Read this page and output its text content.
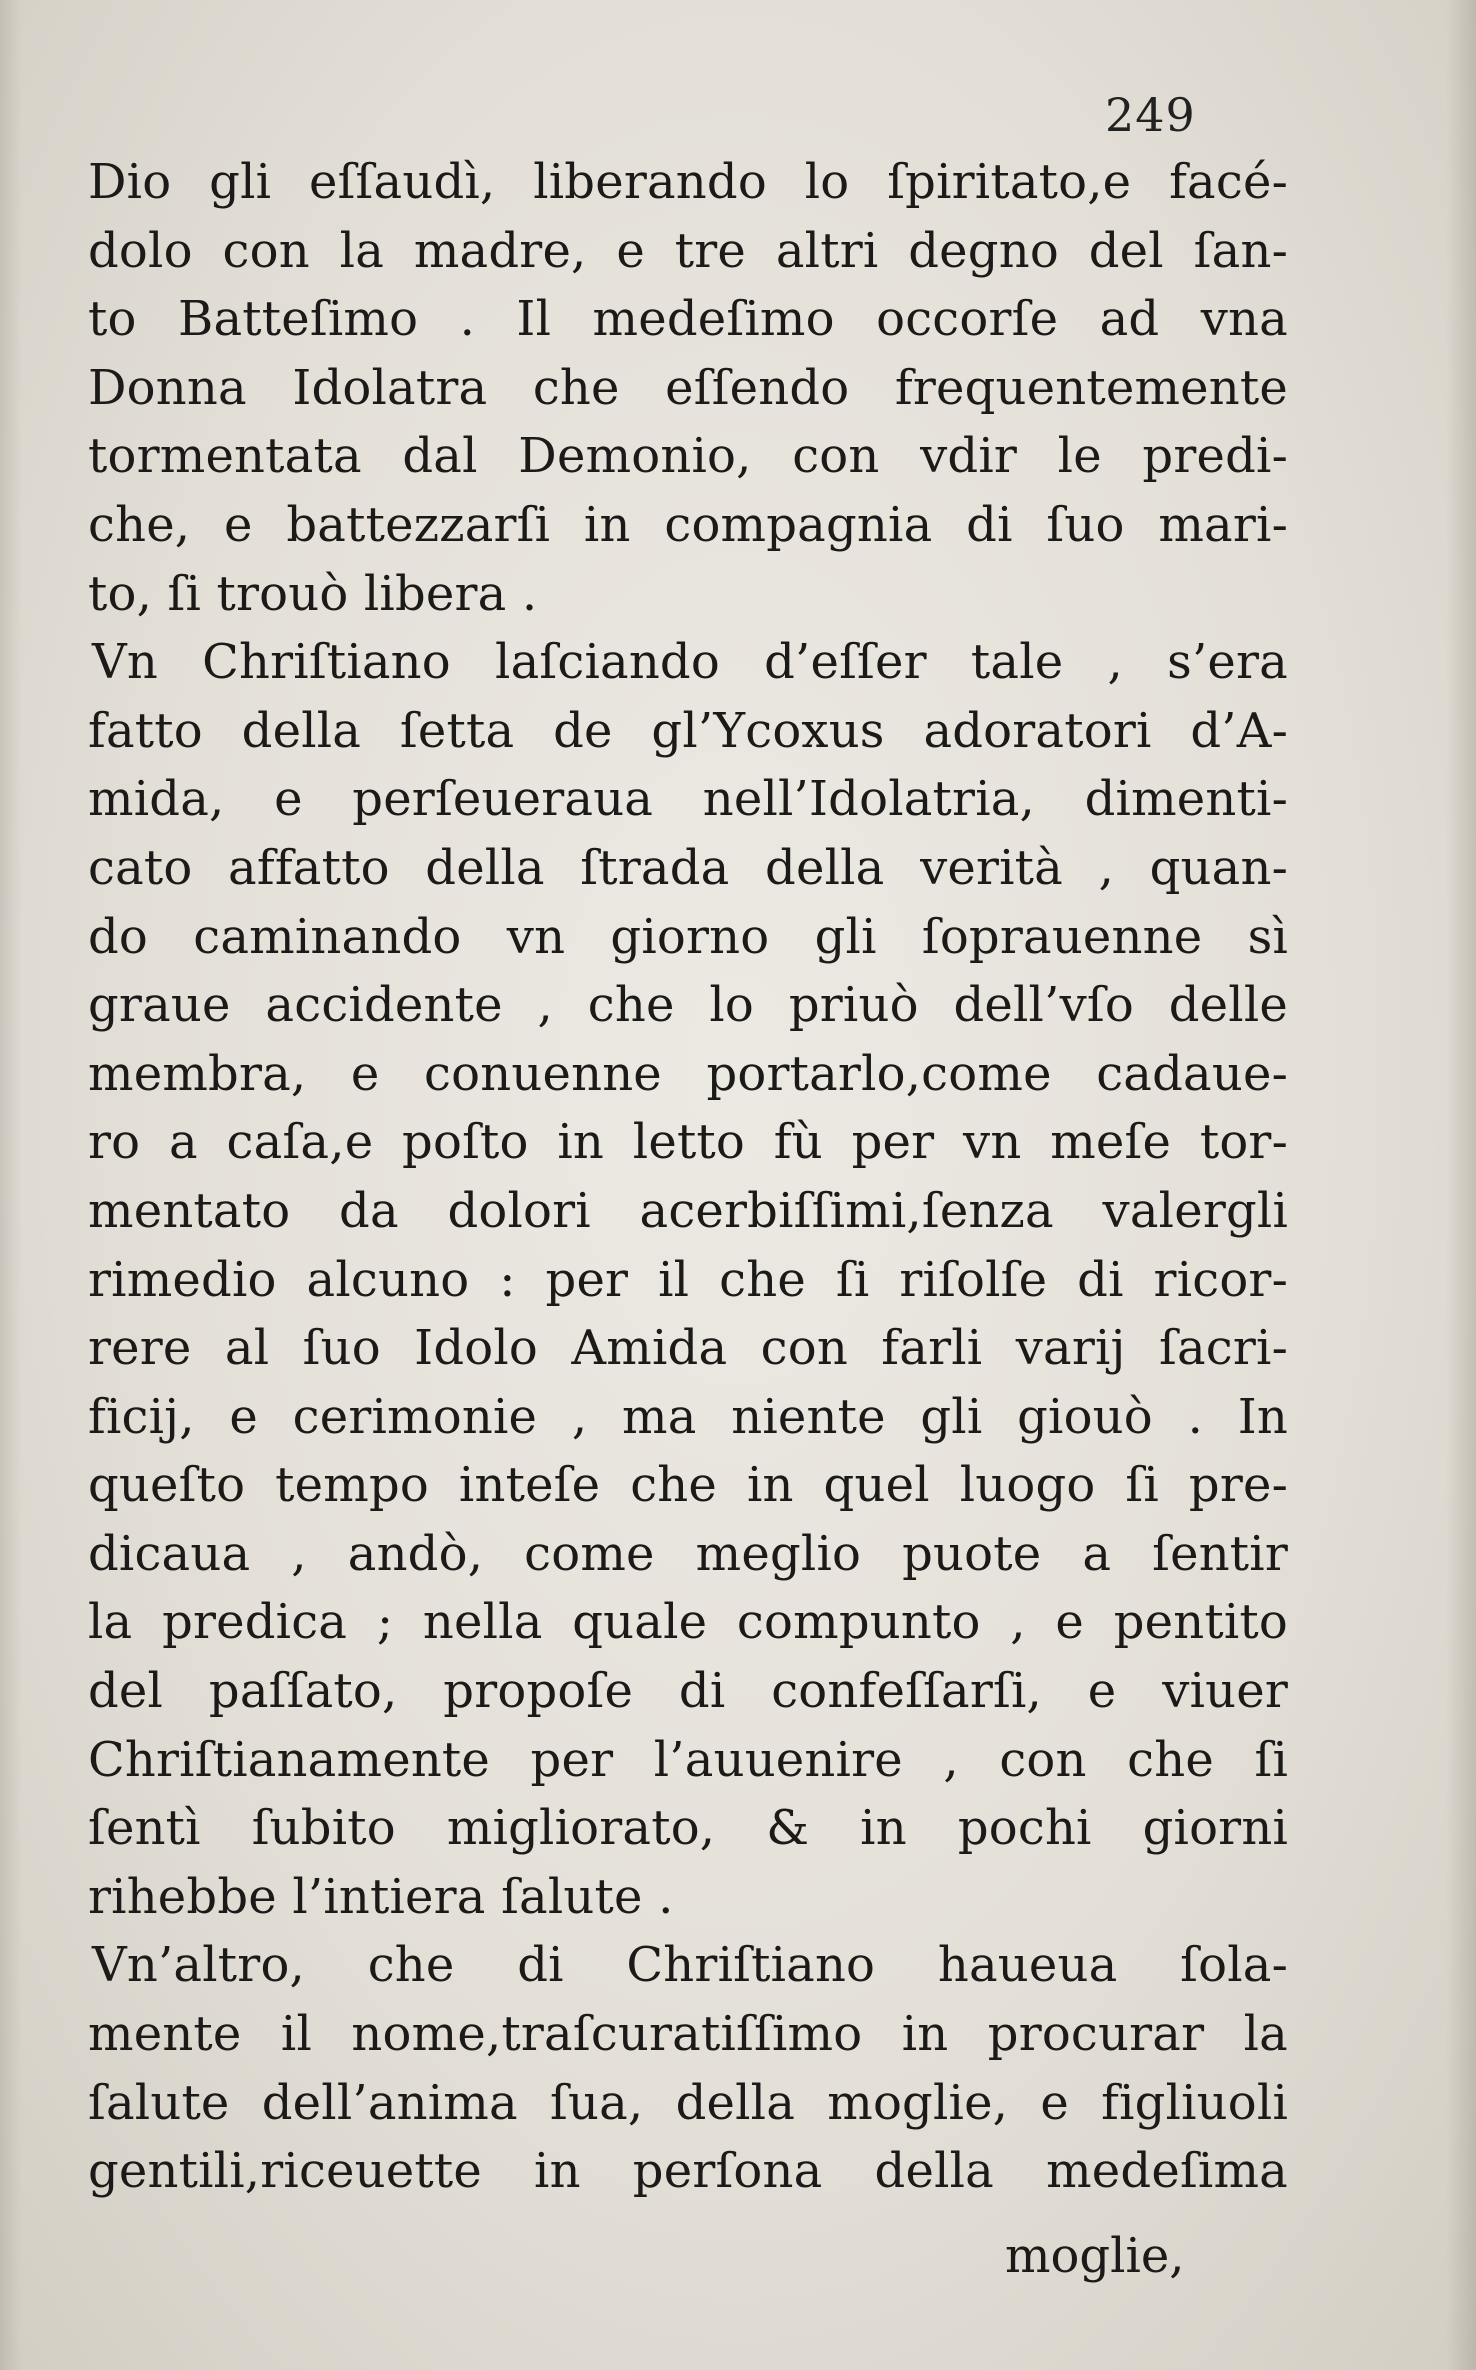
249
Dio gli eſſaudì, liberando lo ſpiritato,e facé-
dolo con la madre, e tre altri degno del ſan-
to Batteſimo . Il medeſimo occorſe ad vna
Donna Idolatra che eſſendo frequentemente
tormentata dal Demonio, con vdir le predi-
che, e battezzarſi in compagnia di ſuo mari-
to, ſi trouò libera .
Vn Chriſtiano laſciando d’eſſer tale , s’era
fatto della ſetta de gl’Ycoxus adoratori d’A-
mida, e perſeueraua nell’Idolatria, dimenti-
cato affatto della ſtrada della verità , quan-
do caminando vn giorno gli ſoprauenne sì
graue accidente , che lo priuò dell’vſo delle
membra, e conuenne portarlo,come cadaue-
ro a caſa,e poſto in letto fù per vn meſe tor-
mentato da dolori acerbiſſimi,ſenza valergli
rimedio alcuno : per il che ſi riſolſe di ricor-
rere al ſuo Idolo Amida con farli varij ſacri-
ficij, e cerimonie , ma niente gli giouò . In
queſto tempo inteſe che in quel luogo ſi pre-
dicaua , andò, come meglio puote a ſentir
la predica ; nella quale compunto , e pentito
del paſſato, propoſe di confeſſarſi, e viuer
Chriſtianamente per l’auuenire , con che ſi
ſentì ſubito migliorato, & in pochi giorni
rihebbe l’intiera ſalute .
Vn’altro, che di Chriſtiano haueua ſola-
mente il nome,traſcuratiſſimo in procurar la
ſalute dell’anima ſua, della moglie, e figliuoli
gentili,riceuette in perſona della medeſima
moglie,
